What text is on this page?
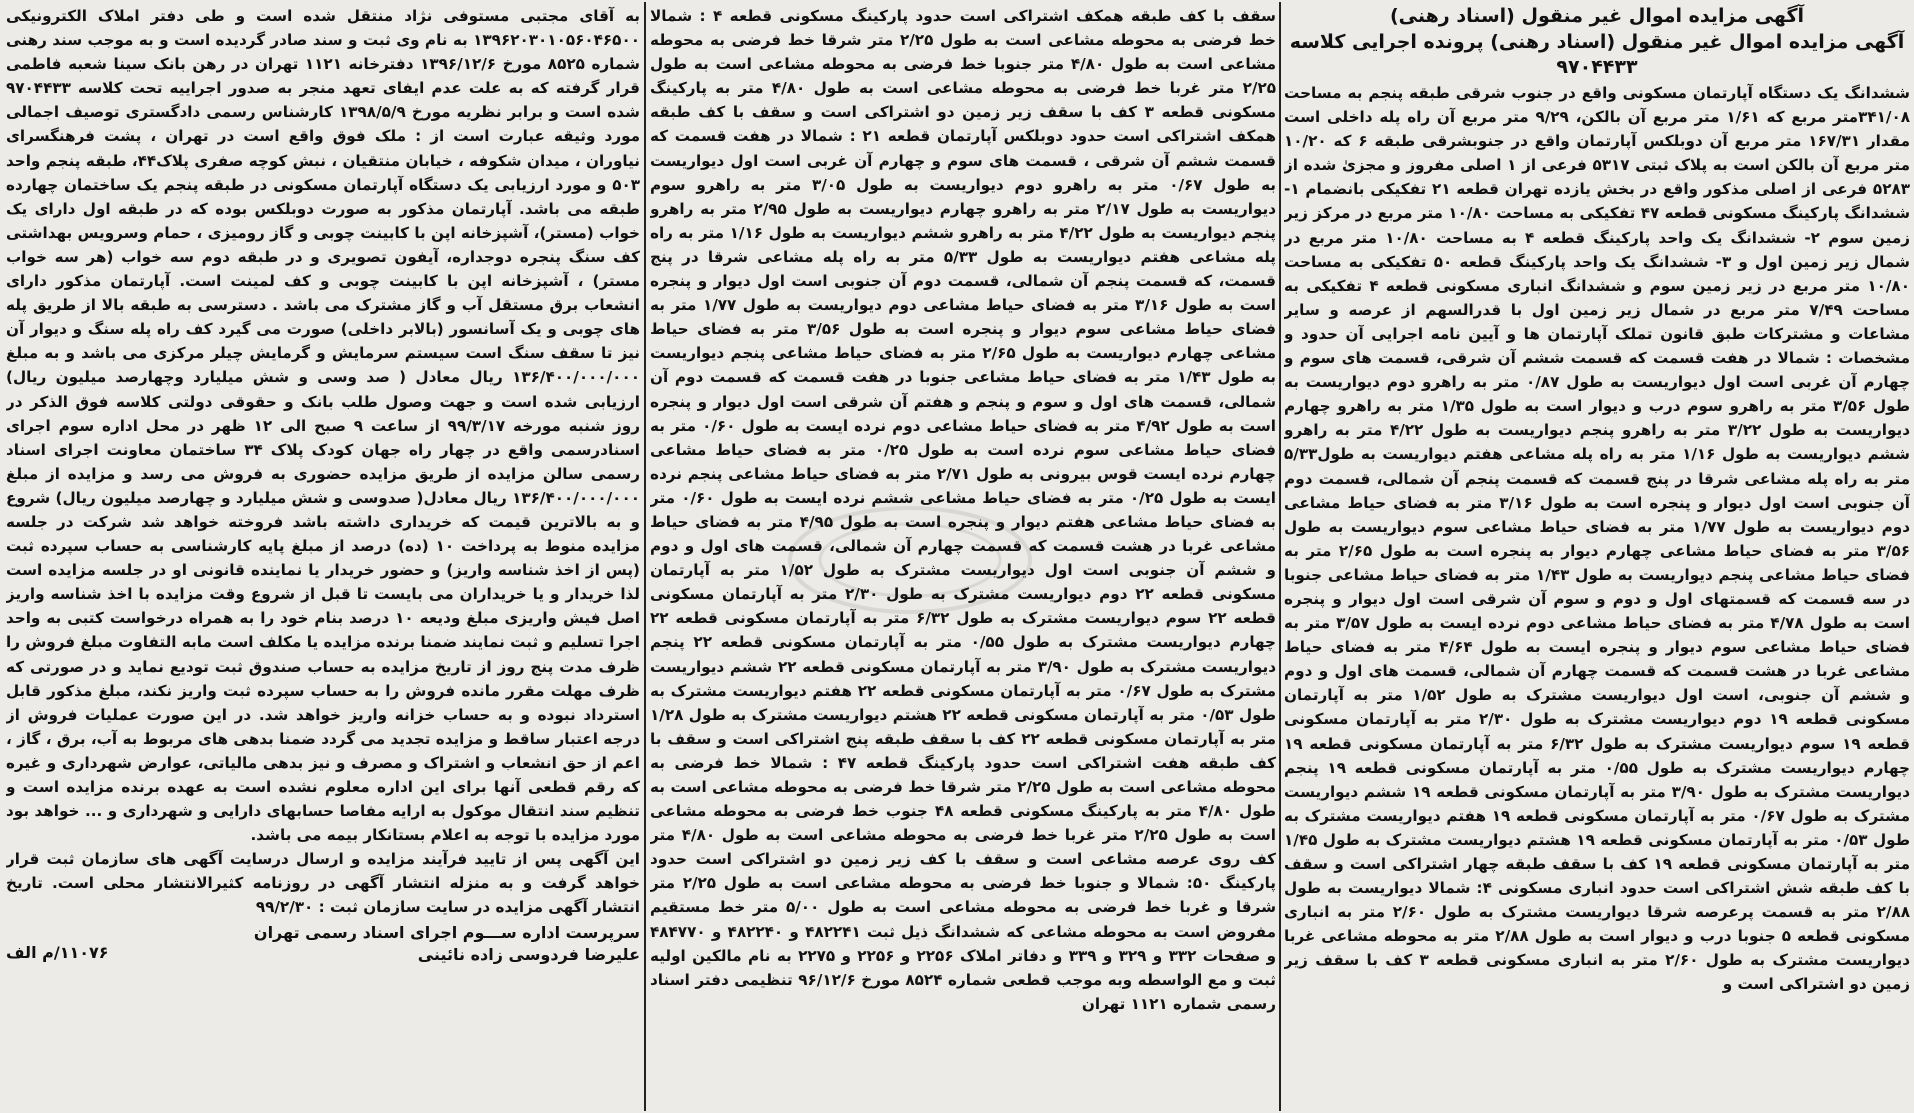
آگهی مزایده اموال غیر منقول (اسناد رهنی)
آگهی مزایده اموال غیر منقول (اسناد رهنی) پرونده اجرایی کلاسه ۹۷۰۴۴۳۳

ششدانگ یک دستگاه آپارتمان مسکونی واقع در جنوب شرقی طبقه پنجم به مساحت ۳۴۱/۰۸متر مربع که ۱/۶۱ متر مربع آن بالکن، ۹/۲۹ متر مربع آن راه پله داخلی است مقدار ۱۶۷/۳۱ متر مربع آن دوبلکس آپارتمان واقع در جنوبشرقی طبقه ۶ که ۱۰/۲۰ متر مربع آن بالکن است به پلاک ثبتی ۵۳۱۷ فرعی از ۱ اصلی مفروز و مجزیٰ شده از ۵۲۸۳ فرعی از اصلی مذکور واقع در بخش یازده تهران قطعه ۲۱ تفکیکی بانضمام ۱- ششدانگ پارکینگ مسکونی قطعه ۴۷ تفکیکی به مساحت ۱۰/۸۰ متر مربع در مرکز زیر زمین سوم ۲- ششدانگ یک واحد پارکینگ قطعه ۴ به مساحت ۱۰/۸۰ متر مربع در شمال زیر زمین اول و ۳- ششدانگ یک واحد پارکینگ قطعه ۵۰ تفکیکی به مساحت ۱۰/۸۰ متر مربع در زیر زمین سوم و ششدانگ انباری مسکونی قطعه ۴ تفکیکی به مساحت ۷/۴۹ متر مربع در شمال زیر زمین اول با قدرالسهم از عرصه و سایر مشاعات و مشترکات طبق قانون تملک آپارتمان ها و آیین نامه اجرایی آن حدود و مشخصات : شمالا در هفت قسمت که قسمت ششم آن شرقی، قسمت های سوم و چهارم آن غربی است اول دیواریست به طول ۰/۸۷ متر به راهرو دوم دیواریست به طول ۳/۵۶ متر به راهرو سوم درب و دیوار است به طول ۱/۳۵ متر به راهرو چهارم دیواریست به طول ۳/۲۲ متر به راهرو پنجم دیواریست به طول ۴/۲۲ متر به راهرو ششم دیواریست به طول ۱/۱۶ متر به راه پله مشاعی هفتم دیواریست به طول۵/۳۳ متر به راه پله مشاعی شرقا در پنج قسمت که قسمت پنجم آن شمالی، قسمت دوم آن جنوبی است اول دیوار و پنجره است به طول ۳/۱۶ متر به فضای حیاط مشاعی دوم دیواریست به طول ۱/۷۷ متر به فضای حیاط مشاعی سوم دیواریست به طول ۳/۵۶ متر به فضای حیاط مشاعی چهارم دیوار به پنجره است به طول ۲/۶۵ متر به فضای حیاط مشاعی پنجم دیواریست به طول ۱/۴۳ متر به فضای حیاط مشاعی جنوبا در سه قسمت که قسمتهای اول و دوم و سوم آن شرقی است اول دیوار و پنجره است به طول ۴/۷۸ متر به فضای حیاط مشاعی دوم نرده ایست به طول ۳/۵۷ متر به فضای حیاط مشاعی سوم دیوار و پنجره ایست به طول ۴/۶۴ متر به فضای حیاط مشاعی غربا در هشت قسمت که قسمت چهارم آن شمالی، قسمت های اول و دوم و ششم آن جنوبی، است اول دیواریست مشترک به طول ۱/۵۲ متر به آپارتمان مسکونی قطعه ۱۹ دوم دیواریست مشترک به طول ۲/۳۰ متر به آپارتمان مسکونی قطعه ۱۹ سوم دیواریست مشترک به طول ۶/۳۲ متر به آپارتمان مسکونی قطعه ۱۹ چهارم دیواریست مشترک به طول ۰/۵۵ متر به آپارتمان مسکونی قطعه ۱۹ پنجم دیواریست مشترک به طول ۳/۹۰ متر به آپارتمان مسکونی قطعه ۱۹ ششم دیواریست مشترک به طول ۰/۶۷ متر به آپارتمان مسکونی قطعه ۱۹ هفتم دیواریست مشترک به طول ۰/۵۳ متر به آپارتمان مسکونی قطعه ۱۹ هشتم دیواریست مشترک به طول ۱/۴۵ متر به آپارتمان مسکونی قطعه ۱۹ کف با سقف طبقه چهار اشتراکی است و سقف با کف طبقه شش اشتراکی است حدود انباری مسکونی ۴: شمالا دیواریست به طول ۲/۸۸ متر به قسمت پرعرصه شرقا دیواریست مشترک به طول ۲/۶۰ متر به انباری مسکونی قطعه ۵ جنوبا درب و دیوار است به طول ۲/۸۸ متر به محوطه مشاعی غربا دیواریست مشترک به طول ۲/۶۰ متر به انباری مسکونی قطعه ۳ کف با سقف زیر زمین دو اشتراکی است و

سقف با کف طبقه همکف اشتراکی است حدود پارکینگ مسکونی قطعه ۴ : شمالا خط فرضی به محوطه مشاعی است به طول ۲/۲۵ متر شرقا خط فرضی به محوطه مشاعی است به طول ۴/۸۰ متر جنوبا خط فرضی به محوطه مشاعی است به طول ۲/۲۵ متر غربا خط فرضی به محوطه مشاعی است به طول ۴/۸۰ متر به پارکینگ مسکونی قطعه ۳ کف با سقف زیر زمین دو اشتراکی است و سقف با کف طبقه همکف اشتراکی است حدود دوبلکس آپارتمان قطعه ۲۱ : شمالا در هفت قسمت که قسمت ششم آن شرقی ، قسمت های سوم و چهارم آن غربی است اول دیواریست به طول ۰/۶۷ متر به راهرو دوم دیواریست به طول ۳/۰۵ متر به راهرو سوم دیواریست به طول ۲/۱۷ متر به راهرو چهارم دیواریست به طول ۲/۹۵ متر به راهرو پنجم دیواریست به طول ۴/۲۲ متر به راهرو ششم دیواریست به طول ۱/۱۶ متر به راه پله مشاعی هفتم دیواریست به طول ۵/۳۳ متر به راه پله مشاعی شرقا در پنج قسمت، که قسمت پنجم آن شمالی، قسمت دوم آن جنوبی است اول دیوار و پنجره است به طول ۳/۱۶ متر به فضای حیاط مشاعی دوم دیواریست به طول ۱/۷۷ متر به فضای حیاط مشاعی سوم دیوار و پنجره است به طول ۳/۵۶ متر به فضای حیاط مشاعی چهارم دیواریست به طول ۲/۶۵ متر به فضای حیاط مشاعی پنجم دیواریست به طول ۱/۴۳ متر به فضای حیاط مشاعی جنوبا در هفت قسمت که قسمت دوم آن شمالی، قسمت های اول و سوم و پنجم و هفتم آن شرقی است اول دیوار و پنجره است به طول ۴/۹۲ متر به فضای حیاط مشاعی دوم نرده ایست به طول ۰/۶۰ متر به فضای حیاط مشاعی سوم نرده است به طول ۰/۲۵ متر به فضای حیاط مشاعی چهارم نرده ایست قوس بیرونی به طول ۲/۷۱ متر به فضای حیاط مشاعی پنجم نرده ایست به طول ۰/۲۵ متر به فضای حیاط مشاعی ششم نرده ایست به طول ۰/۶۰ متر به فضای حیاط مشاعی هفتم دیوار و پنجره است به طول ۴/۹۵ متر به فضای حیاط مشاعی غربا در هشت قسمت که قسمت چهارم آن شمالی، قسمت های اول و دوم و ششم آن جنوبی است اول دیواریست مشترک به طول ۱/۵۲ متر به آپارتمان مسکونی قطعه ۲۲ دوم دیواریست مشترک به طول ۲/۳۰ متر به آپارتمان مسکونی قطعه ۲۲ سوم دیواریست مشترک به طول ۶/۳۲ متر به آپارتمان مسکونی قطعه ۲۲ چهارم دیواریست مشترک به طول ۰/۵۵ متر به آپارتمان مسکونی قطعه ۲۲ پنجم دیواریست مشترک به طول ۳/۹۰ متر به آپارتمان مسکونی قطعه ۲۲ ششم دیواریست مشترک به طول ۰/۶۷ متر به آپارتمان مسکونی قطعه ۲۲ هفتم دیواریست مشترک به طول ۰/۵۳ متر به آپارتمان مسکونی قطعه ۲۲ هشتم دیواریست مشترک به طول ۱/۲۸ متر به آپارتمان مسکونی قطعه ۲۲ کف با سقف طبقه پنج اشتراکی است و سقف با کف طبقه هفت اشتراکی است حدود پارکینگ قطعه ۴۷ : شمالا خط فرضی به محوطه مشاعی است به طول ۲/۲۵ متر شرقا خط فرضی به محوطه مشاعی است به طول ۴/۸۰ متر به پارکینگ مسکونی قطعه ۴۸ جنوب خط فرضی به محوطه مشاعی است به طول ۲/۲۵ متر غربا خط فرضی به محوطه مشاعی است به طول ۴/۸۰ متر کف روی عرصه مشاعی است و سقف با کف زیر زمین دو اشتراکی است حدود پارکینگ ۵۰: شمالا و جنوبا خط فرضی به محوطه مشاعی است به طول ۲/۲۵ متر شرقا و غربا خط فرضی به محوطه مشاعی است به طول ۵/۰۰ متر خط مستقیم مفروض است به محوطه مشاعی که ششدانگ ذیل ثبت ۴۸۲۲۴۱ و ۴۸۲۲۴۰ و ۴۸۴۷۷۰ و صفحات ۳۳۲ و ۳۲۹ و ۳۳۹ و دفاتر املاک ۲۲۵۶ و ۲۲۵۶ و ۲۲۷۵ به نام مالکین اولیه ثبت و مع الواسطه وبه موجب قطعی شماره ۸۵۲۴ مورخ ۹۶/۱۲/۶ تنظیمی دفتر اسناد رسمی شماره ۱۱۲۱ تهران

به آقای مجتبی مستوفی نژاد منتقل شده است و طی دفتر املاک الکترونیکی ۱۳۹۶۲۰۳۰۱۰۵۶۰۴۶۵۰۰ به نام وی ثبت و سند صادر گردیده است و به موجب سند رهنی شماره ۸۵۲۵ مورخ ۱۳۹۶/۱۲/۶ دفترخانه ۱۱۲۱ تهران در رهن بانک سینا شعبه فاطمی قرار گرفته که به علت عدم ایفای تعهد منجر به صدور اجراییه تحت کلاسه ۹۷۰۴۴۳۳ شده است و برابر نظریه مورخ ۱۳۹۸/۵/۹ کارشناس رسمی دادگستری توصیف اجمالی مورد وثیقه عبارت است از : ملک فوق واقع است در تهران ، پشت فرهنگسرای نیاوران ، میدان شکوفه ، خیابان منتقیان ، نبش کوچه صفری پلاک۴۴، طبقه پنجم واحد ۵۰۳ و مورد ارزیابی یک دستگاه آپارتمان مسکونی در طبقه پنجم یک ساختمان چهارده طبقه می باشد. آپارتمان مذکور به صورت دوبلکس بوده که در طبقه اول دارای یک خواب (مستر)، آشپزخانه اپن با کابینت چوبی و گاز رومیزی ، حمام وسرویس بهداشتی کف سنگ پنجره دوجداره، آیفون تصویری و در طبقه دوم سه خواب (هر سه خواب مستر) ، آشپزخانه اپن با کابینت چوبی و کف لمینت است. آپارتمان مذکور دارای انشعاب برق مستقل آب و گاز مشترک می باشد . دسترسی به طبقه بالا از طریق پله های چوبی و یک آسانسور (بالابر داخلی) صورت می گیرد کف راه پله سنگ و دیوار آن نیز تا سقف سنگ است سیستم سرمایش و گرمایش چیلر مرکزی می باشد و به مبلغ ۱۳۶/۴۰۰/۰۰۰/۰۰۰ ریال معادل ( صد وسی و شش میلیارد وچهارصد میلیون ریال) ارزیابی شده است و جهت وصول طلب بانک و حقوقی دولتی کلاسه فوق الذکر در روز شنبه مورخه ۹۹/۳/۱۷ از ساعت ۹ صبح الی ۱۲ ظهر در محل اداره سوم اجرای اسنادرسمی واقع در چهار راه جهان کودک پلاک ۳۴ ساختمان معاونت اجرای اسناد رسمی سالن مزایده از طریق مزایده حضوری به فروش می رسد و مزایده از مبلغ ۱۳۶/۴۰۰/۰۰۰/۰۰۰ ریال معادل( صدوسی و شش میلیارد و چهارصد میلیون ریال) شروع و به بالاترین قیمت که خریداری داشته باشد فروخته خواهد شد شرکت در جلسه مزایده منوط به پرداخت ۱۰ (ده) درصد از مبلغ پایه کارشناسی به حساب سپرده ثبت (پس از اخذ شناسه واریز) و حضور خریدار یا نماینده قانونی او در جلسه مزایده است لذا خریدار و یا خریداران می بایست تا قبل از شروع وقت مزایده با اخذ شناسه واریز اصل فیش واریزی مبلغ ودیعه ۱۰ درصد بنام خود را به همراه درخواست کتبی به واحد اجرا تسلیم و ثبت نمایند ضمنا برنده مزایده یا مکلف است مابه التفاوت مبلغ فروش را ظرف مدت پنج روز از تاریخ مزایده به حساب صندوق ثبت تودیع نماید و در صورتی که ظرف مهلت مقرر مانده فروش را به حساب سپرده ثبت واریز نکند، مبلغ مذکور قابل استرداد نبوده و به حساب خزانه واریز خواهد شد. در این صورت عملیات فروش از درجه اعتبار ساقط و مزایده تجدید می گردد ضمنا بدهی های مربوط به آب، برق ، گاز ، اعم از حق انشعاب و اشتراک و مصرف و نیز بدهی مالیاتی، عوارض شهرداری و غیره که رقم قطعی آنها برای این اداره معلوم نشده است به عهده برنده مزایده است و تنظیم سند انتقال موکول به ارایه مفاصا حسابهای دارایی و شهرداری و ... خواهد بود مورد مزایده با توجه به اعلام بستانکار بیمه می باشد.
این آگهی پس از تایید فرآیند مزایده و ارسال درسایت آگهی های سازمان ثبت قرار خواهد گرفت و به منزله انتشار آگهی در روزنامه کثیرالانتشار محلی است. تاریخ انتشار آگهی مزایده در سایت سازمان ثبت : ۹۹/۲/۳۰

سرپرست اداره ســـوم اجرای اسناد رسمی تهران
علیرضا فردوسی زاده نائینی
۱۱۰۷۶/م الف
